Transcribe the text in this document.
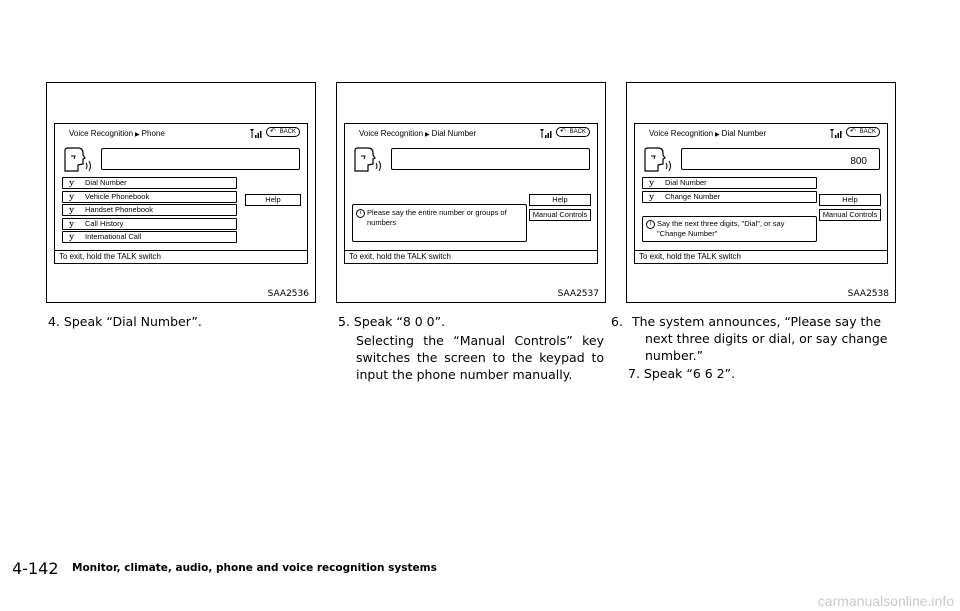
Voice Recognition ▶ Phone	↶ BACK
ｙ Dial Number
ｙ Vehicle Phonebook
ｙ Handset Phonebook
ｙ Call History
ｙ International Call
Help
To exit, hold the TALK switch
SAA2536
Voice Recognition ▶ Dial Number	↶ BACK
i Please say the entire number or groups of numbers
Help
Manual Controls
To exit, hold the TALK switch
SAA2537
Voice Recognition ▶ Dial Number	↶ BACK
800
ｙ Dial Number
ｙ Change Number
i Say the next three digits, "Dial", or say "Change Number"
Help
Manual Controls
To exit, hold the TALK switch
SAA2538
4. Speak “Dial Number”.	5. Speak “8 0 0”.
Selecting the “Manual Controls” key switches the screen to the keypad to input the phone number manually.
6. The system announces, “Please say the next three digits or dial, or say change number.”
7. Speak “6 6 2”.
4-142 Monitor, climate, audio, phone and voice recognition systems
carmanualsonline.info
